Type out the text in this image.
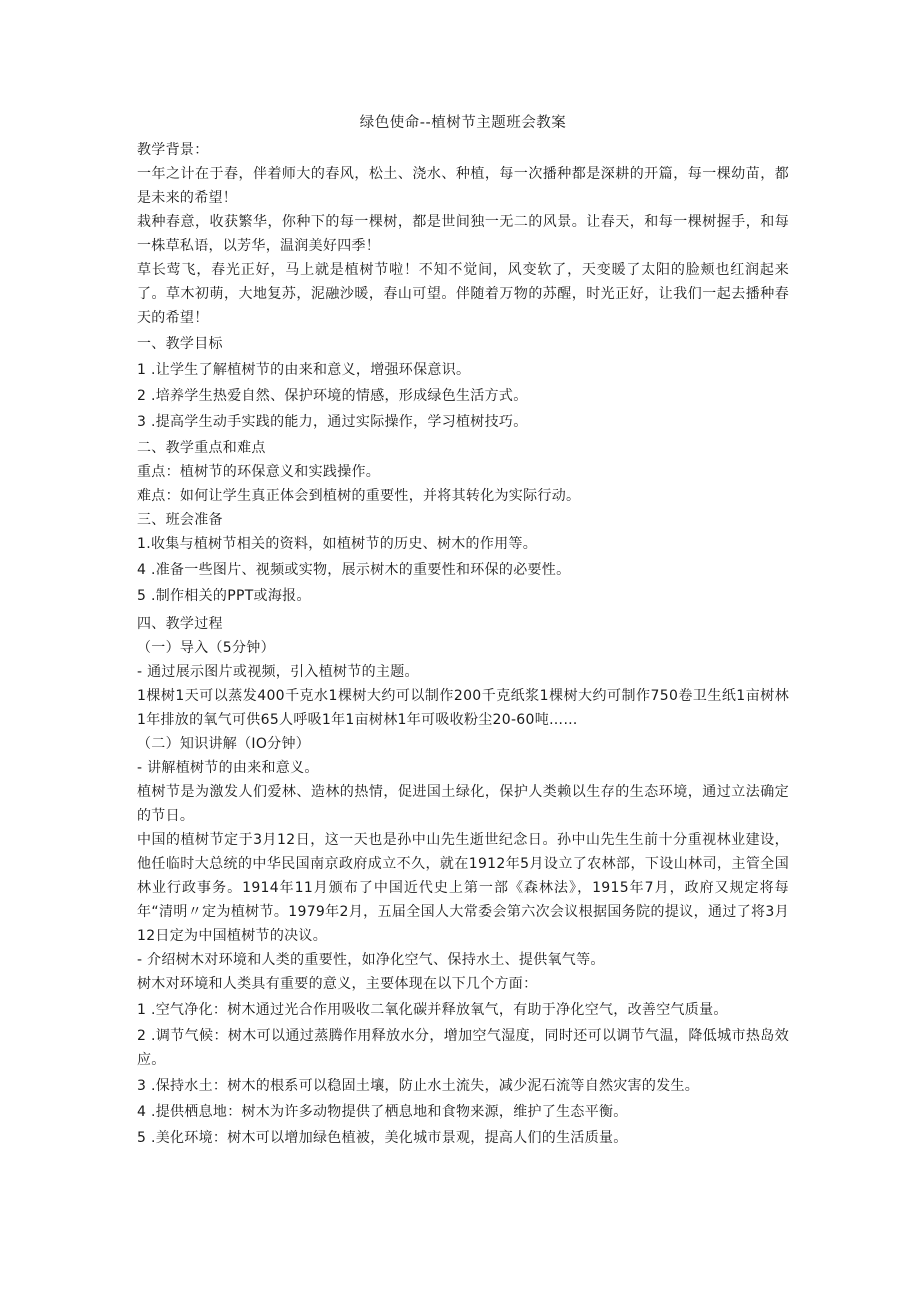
绿色使命--植树节主题班会教案
教学背景：
一年之计在于春，伴着师大的春风，松土、浇水、种植，每一次播种都是深耕的开篇，每一棵幼苗，都是未来的希望！
栽种春意，收获繁华，你种下的每一棵树，都是世间独一无二的风景。让春天，和每一棵树握手，和每一株草私语，以芳华，温润美好四季！
草长莺飞，春光正好，马上就是植树节啦！不知不觉间，风变软了，天变暖了太阳的脸颊也红润起来了。草木初萌，大地复苏，泥融沙暖，春山可望。伴随着万物的苏醒，时光正好，让我们一起去播种春天的希望！
一、教学目标
1 .让学生了解植树节的由来和意义，增强环保意识。
2 .培养学生热爱自然、保护环境的情感，形成绿色生活方式。
3 .提高学生动手实践的能力，通过实际操作，学习植树技巧。
二、教学重点和难点
重点：植树节的环保意义和实践操作。
难点：如何让学生真正体会到植树的重要性，并将其转化为实际行动。
三、班会准备
1.收集与植树节相关的资料，如植树节的历史、树木的作用等。
4 .准备一些图片、视频或实物，展示树木的重要性和环保的必要性。
5 .制作相关的PPT或海报。
四、教学过程
（一）导入（5分钟）
- 通过展示图片或视频，引入植树节的主题。
1棵树1天可以蒸发400千克水1棵树大约可以制作200千克纸浆1棵树大约可制作750卷卫生纸1亩树林1年排放的氧气可供65人呼吸1年1亩树林1年可吸收粉尘20-60吨……
（二）知识讲解（IO分钟）
- 讲解植树节的由来和意义。
植树节是为激发人们爱林、造林的热情，促进国土绿化，保护人类赖以生存的生态环境，通过立法确定的节日。
中国的植树节定于3月12日，这一天也是孙中山先生逝世纪念日。孙中山先生生前十分重视林业建设，他任临时大总统的中华民国南京政府成立不久，就在1912年5月设立了农林部，下设山林司，主管全国林业行政事务。1914年11月颁布了中国近代史上第一部《森林法》，1915年7月，政府又规定将每年“清明〃定为植树节。1979年2月，五届全国人大常委会第六次会议根据国务院的提议，通过了将3月12日定为中国植树节的决议。
- 介绍树木对环境和人类的重要性，如净化空气、保持水土、提供氧气等。
树木对环境和人类具有重要的意义，主要体现在以下几个方面：
1 .空气净化：树木通过光合作用吸收二氧化碳并释放氧气，有助于净化空气，改善空气质量。
2 .调节气候：树木可以通过蒸腾作用释放水分，增加空气湿度，同时还可以调节气温，降低城市热岛效应。
3 .保持水土：树木的根系可以稳固土壤，防止水土流失，减少泥石流等自然灾害的发生。
4 .提供栖息地：树木为许多动物提供了栖息地和食物来源，维护了生态平衡。
5 .美化环境：树木可以增加绿色植被，美化城市景观，提高人们的生活质量。
